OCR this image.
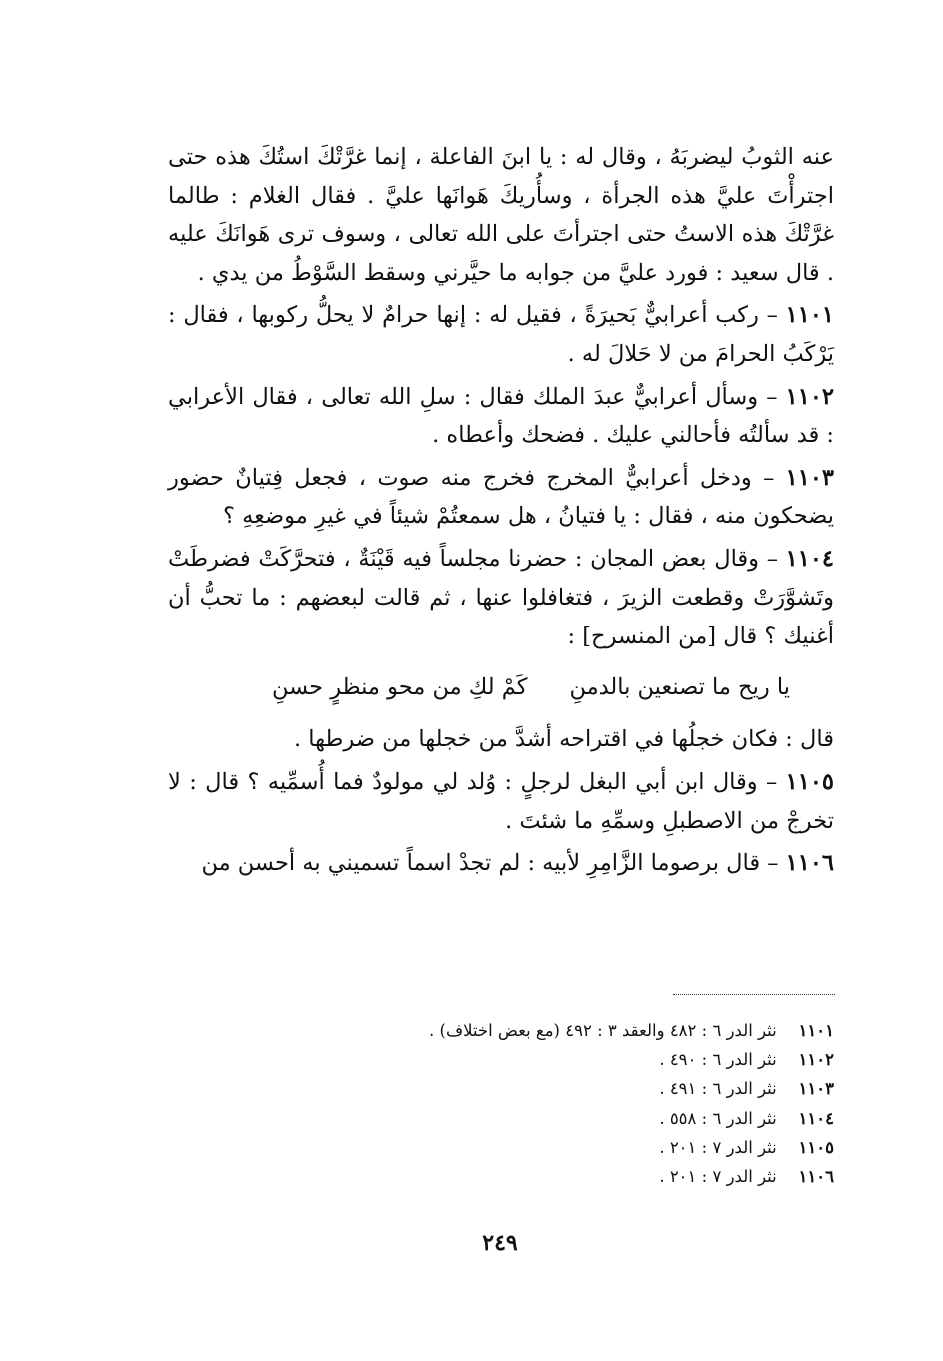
عنه الثوبُ ليضربَهُ ، وقال له : يا ابنَ الفاعلة ، إنما غرَّتْكَ استُكَ هذه حتى اجترأْتَ عليَّ هذه الجرأة ، وسأُريكَ هَوانَها عليَّ . فقال الغلام : طالما غرَّتْكَ هذه الاستُ حتى اجترأتَ على الله تعالى ، وسوف ترى هَوانَكَ عليه . قال سعيد : فورد عليَّ من جوابه ما حيَّرني وسقط السَّوْطُ من يدي .

١١٠١ – ركب أعرابيٌّ بَحيرَةً ، فقيل له : إنها حرامٌ لا يحلُّ ركوبها ، فقال : يَرْكَبُ الحرامَ من لا حَلالَ له .

١١٠٢ – وسأل أعرابيٌّ عبدَ الملك فقال : سلِ الله تعالى ، فقال الأعرابي : قد سألتُه فأحالني عليك . فضحك وأعطاه .

١١٠٣ – ودخل أعرابيٌّ المخرج فخرج منه صوت ، فجعل فِتيانٌ حضور يضحكون منه ، فقال : يا فتيانُ ، هل سمعتُمْ شيئاً في غيرِ موضعِهِ ؟

١١٠٤ – وقال بعض المجان : حضرنا مجلساً فيه قَيْنَةٌ ، فتحرَّكَتْ فضرطَتْ وتَشوَّرَتْ وقطعت الزيرَ ، فتغافلوا عنها ، ثم قالت لبعضهم : ما تحبُّ أن أغنيك ؟ قال [من المنسرح] :

يا ريح ما تصنعين بالدمنِ
كَمْ لكِ من محو منظرٍ حسنِ

قال : فكان خجلُها في اقتراحه أشدَّ من خجلها من ضرطها .

١١٠٥ – وقال ابن أبي البغل لرجلٍ : وُلد لي مولودٌ فما أُسمِّيه ؟ قال : لا تخرجْ من الاصطبلِ وسمِّهِ ما شئتَ .

١١٠٦ – قال برصوما الزَّامِرِ لأبيه : لم تجدْ اسماً تسميني به أحسن من

١١٠١ نثر الدر ٦ : ٤٨٢ والعقد ٣ : ٤٩٢ (مع بعض اختلاف) .
١١٠٢ نثر الدر ٦ : ٤٩٠ .
١١٠٣ نثر الدر ٦ : ٤٩١ .
١١٠٤ نثر الدر ٦ : ٥٥٨ .
١١٠٥ نثر الدر ٧ : ٢٠١ .
١١٠٦ نثر الدر ٧ : ٢٠١ .
٢٤٩
